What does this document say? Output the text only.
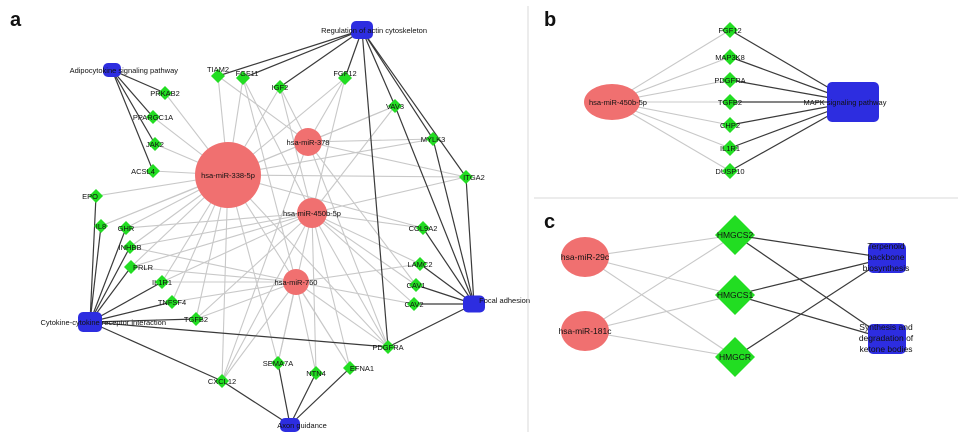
hsa-miR-338-5p
hsa-miR-378
hsa-miR-450b-5p
hsa-miR-760
Regulation of actin cytoskeleton
Adipocytokine signaling pathway
Cytokine-cytokine receptor interaction
Focal adhesion
Axon guidance
TIAM2 FGF11
IGF2
FGF12
PRKAB2
PPARGC1A
JAK2
ACSL4
VAV3
MYLK3
ITGA2
EPO
IL8 GHR
INHBB
PRLR
IL1R1
TNFSF4
TGFB2
COL9A2
LAMC2
CAV1
CAV2
PDGFRA
SEMA7A
NTN4
EFNA1
CXCL12
hsa-miR-450b-5p	MAPK signaling pathway
FGF12
MAP3K8
PDGFRA
TGFB2
CHP2
IL1R1
DUSP10
hsa-miR-29c
hsa-miR-181c
HMGCS2
HMGCS1
HMGCR
Terpenoid
backbone
biosynthesis
Synthesis and
degradation of
ketone bodies
a	b
c
